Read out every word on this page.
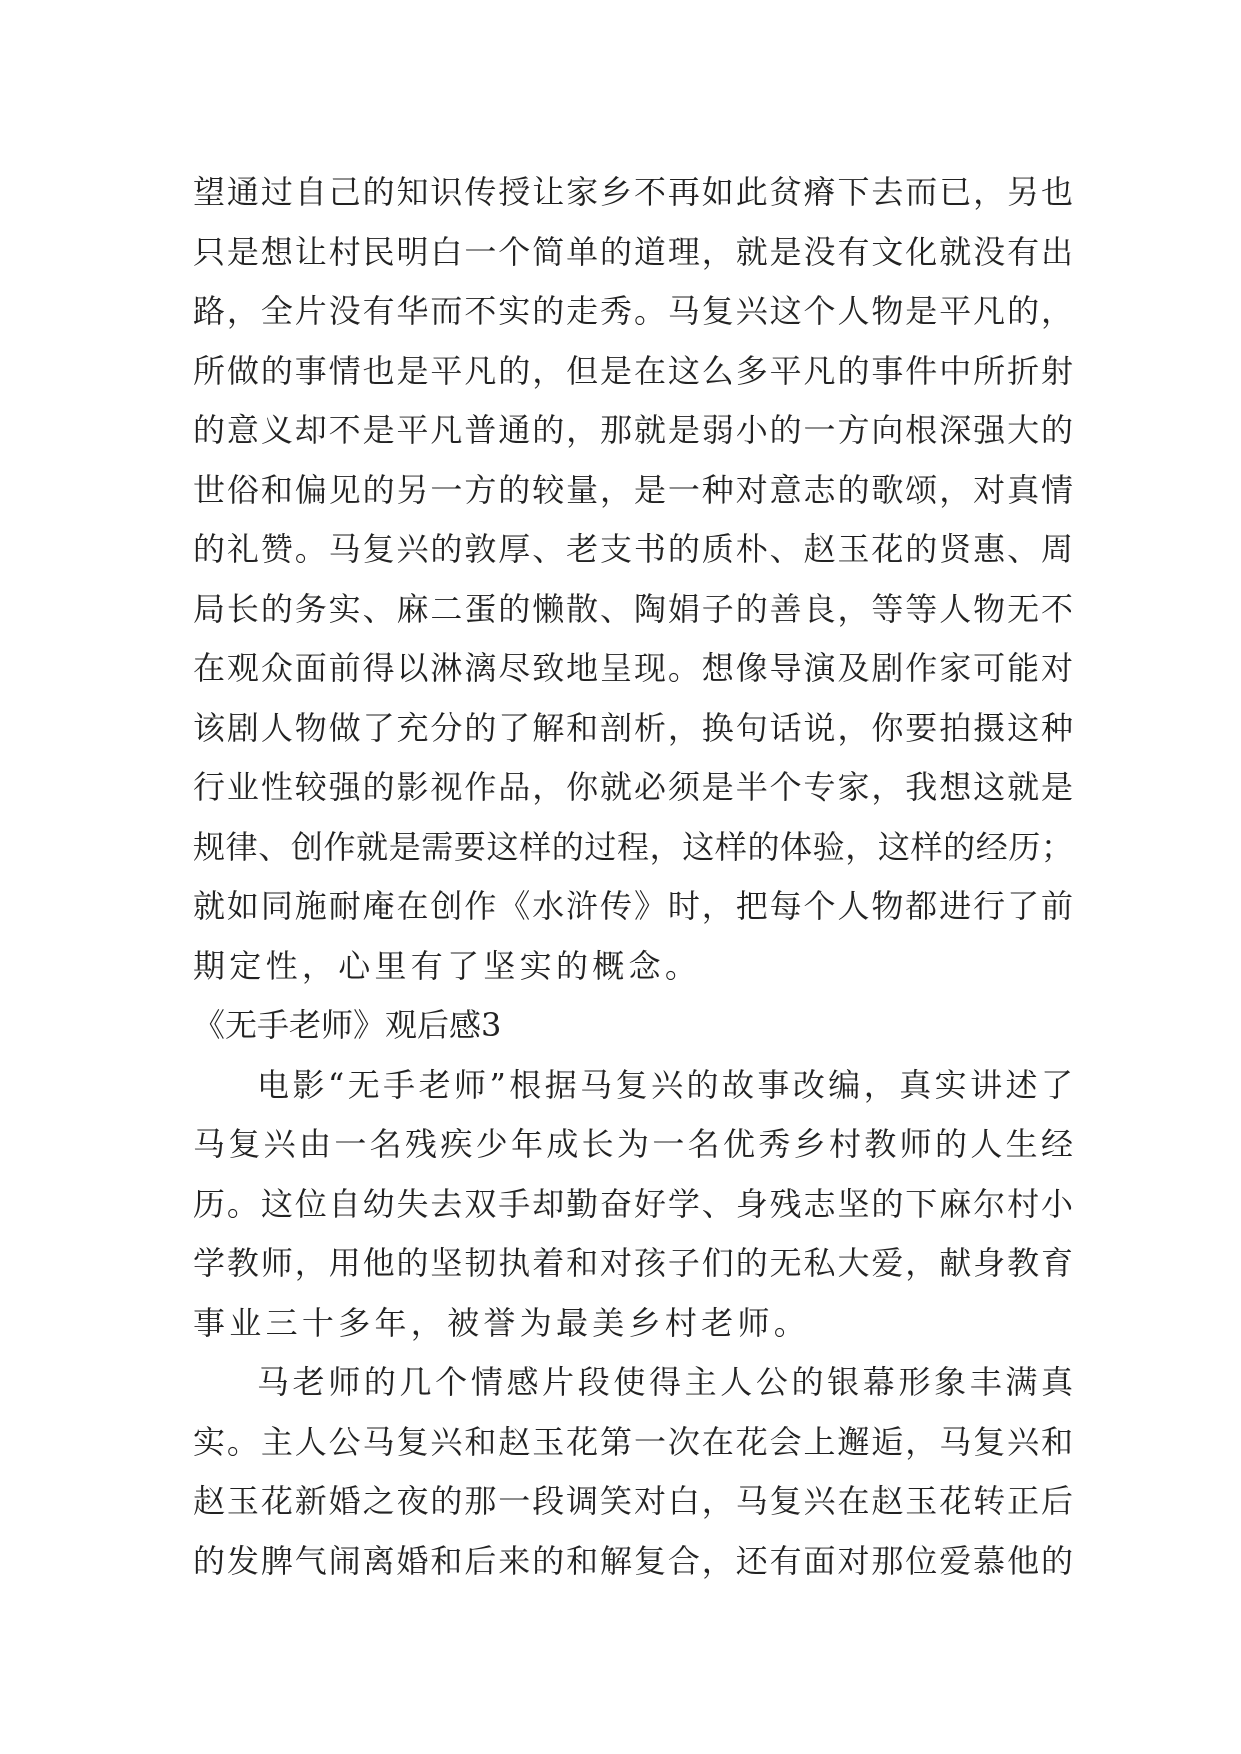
望通过自己的知识传授让家乡不再如此贫瘠下去而已，另也
只是想让村民明白一个简单的道理，就是没有文化就没有出
路，全片没有华而不实的走秀。马复兴这个人物是平凡的，
所做的事情也是平凡的，但是在这么多平凡的事件中所折射
的意义却不是平凡普通的，那就是弱小的一方向根深强大的
世俗和偏见的另一方的较量，是一种对意志的歌颂，对真情
的礼赞。马复兴的敦厚、老支书的质朴、赵玉花的贤惠、周
局长的务实、麻二蛋的懒散、陶娟子的善良，等等人物无不
在观众面前得以淋漓尽致地呈现。想像导演及剧作家可能对
该剧人物做了充分的了解和剖析，换句话说，你要拍摄这种
行业性较强的影视作品，你就必须是半个专家，我想这就是
规律、创作就是需要这样的过程，这样的体验，这样的经历；
就如同施耐庵在创作《水浒传》时，把每个人物都进行了前
期定性，心里有了坚实的概念。
《无手老师》观后感3
电影“无手老师”根据马复兴的故事改编，真实讲述了
马复兴由一名残疾少年成长为一名优秀乡村教师的人生经
历。这位自幼失去双手却勤奋好学、身残志坚的下麻尔村小
学教师，用他的坚韧执着和对孩子们的无私大爱，献身教育
事业三十多年，被誉为最美乡村老师。
马老师的几个情感片段使得主人公的银幕形象丰满真
实。主人公马复兴和赵玉花第一次在花会上邂逅，马复兴和
赵玉花新婚之夜的那一段调笑对白，马复兴在赵玉花转正后
的发脾气闹离婚和后来的和解复合，还有面对那位爱慕他的
